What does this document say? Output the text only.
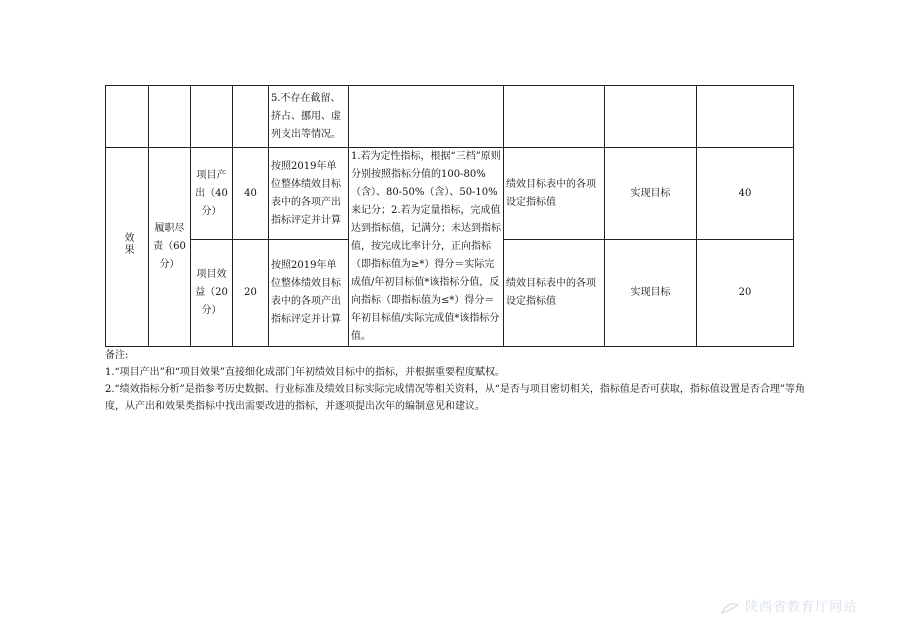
				5.不存在截留、挤占、挪用、虚列支出等情况。				
效果	履职尽责（60分）	项目产出（40分）	40	按照2019年单位整体绩效目标表中的各项产出指标评定并计算	1.若为定性指标，根据“三档”原则分别按照指标分值的100-80%（含）、80-50%（含）、50-10%来记分；2.若为定量指标，完成值达到指标值，记满分；未达到指标值，按完成比率计分，正向指标（即指标值为≥*）得分＝实际完成值/年初目标值*该指标分值，反向指标（即指标值为≤*）得分＝年初目标值/实际完成值*该指标分值。	绩效目标表中的各项设定指标值	实现目标	40
		项目效益（20分）	20	按照2019年单位整体绩效目标表中的各项产出指标评定并计算		绩效目标表中的各项设定指标值	实现目标	20

备注:

1.“项目产出”和“项目效果”直接细化成部门年初绩效目标中的指标，并根据重要程度赋权。

2.“绩效指标分析”是指参考历史数据、行业标准及绩效目标实际完成情况等相关资料，从“是否与项目密切相关，指标值是否可获取，指标值设置是否合理”等角度，从产出和效果类指标中找出需要改进的指标，并逐项提出次年的编制意见和建议。

陕西省教育厅网站
